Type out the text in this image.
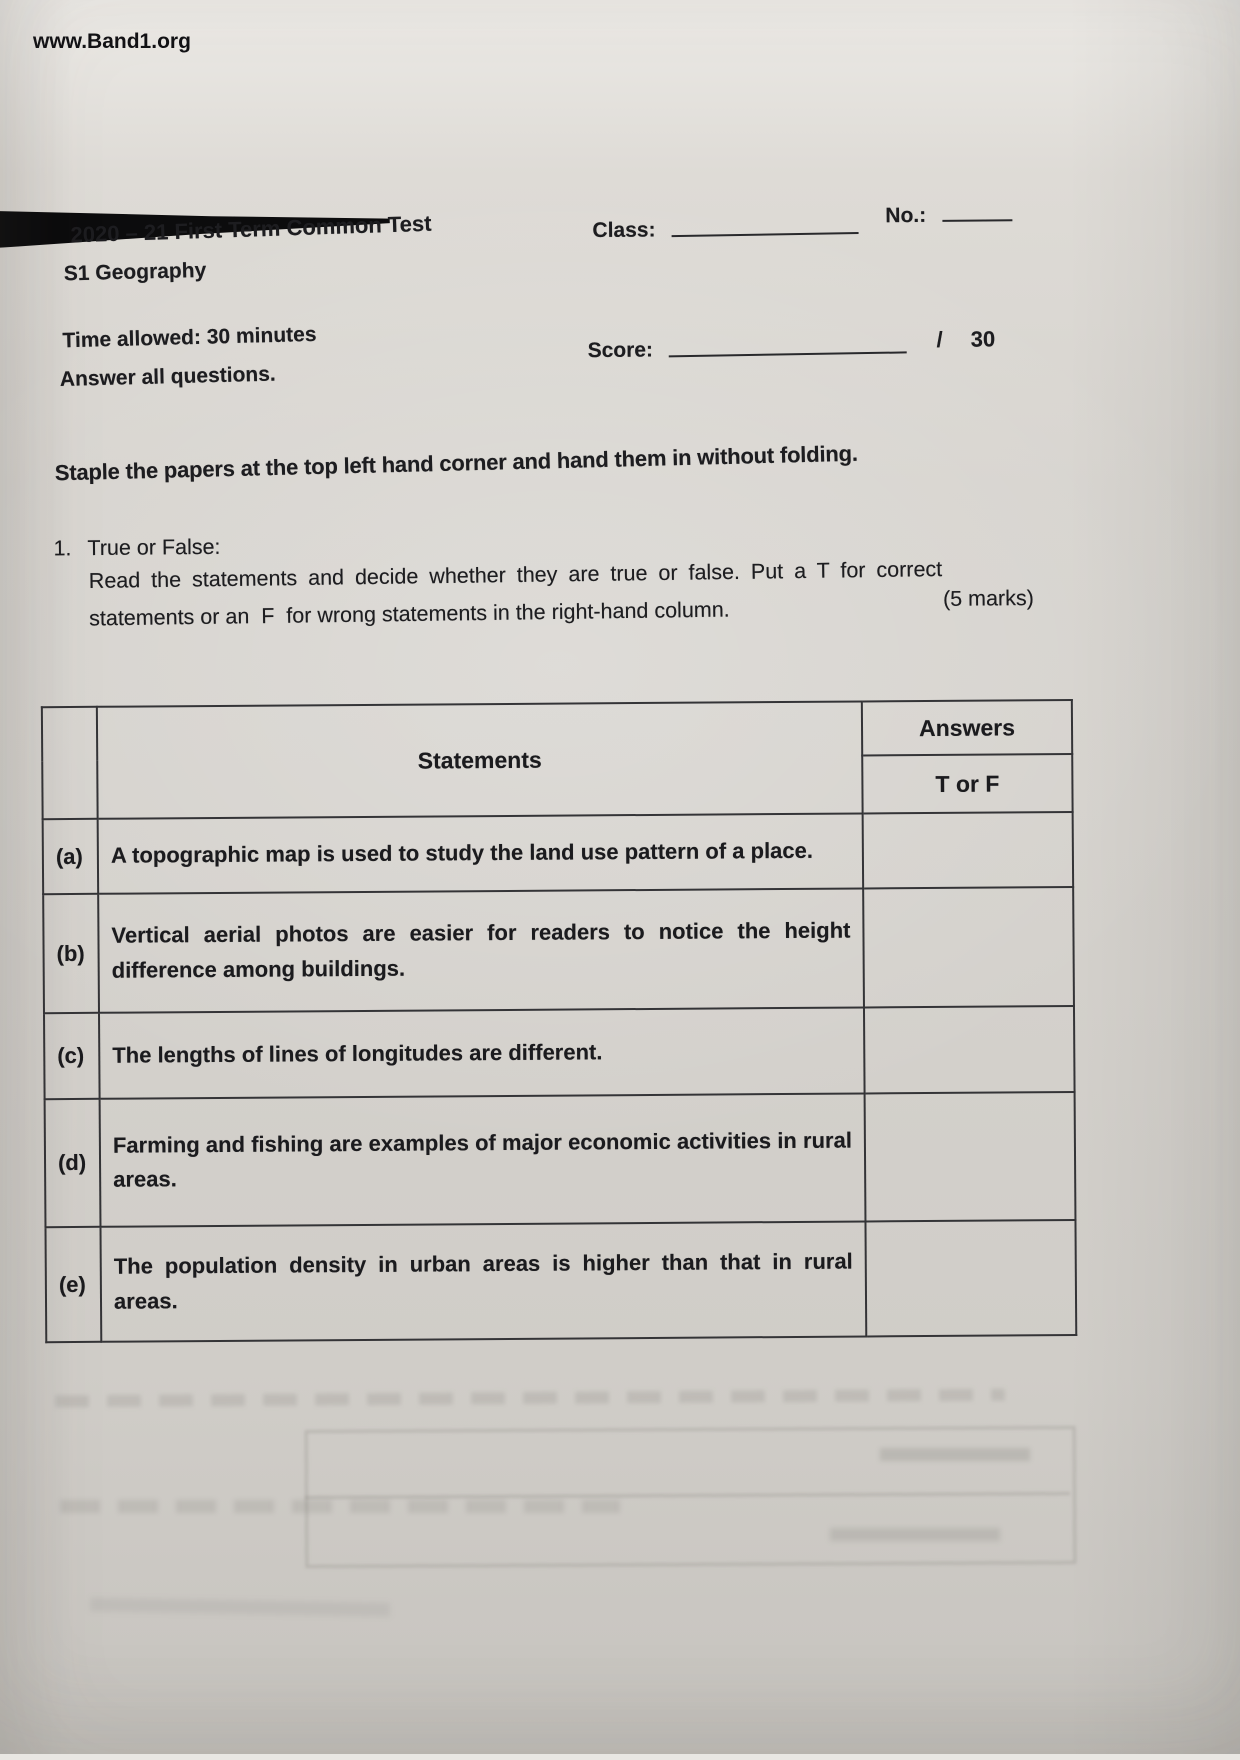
www.Band1.org
2020 – 21 First Term Common Test
S1 Geography
Class:
No.:
Time allowed: 30 minutes
Answer all questions.
Score:	/ 30
Staple the papers at the top left hand corner and hand them in without folding.
1. True or False:
Read the statements and decide whether they are true or false. Put a T for correct
statements or an  F  for wrong statements in the right-hand column.	(5 marks)
	Statements	Answers
		T or F
(a)	A topographic map is used to study the land use pattern of a place.	
(b)	Vertical aerial photos are easier for readers to notice the height difference among buildings.	
(c)	The lengths of lines of longitudes are different.	
(d)	Farming and fishing are examples of major economic activities in rural areas.	
(e)	The population density in urban areas is higher than that in rural areas.	
